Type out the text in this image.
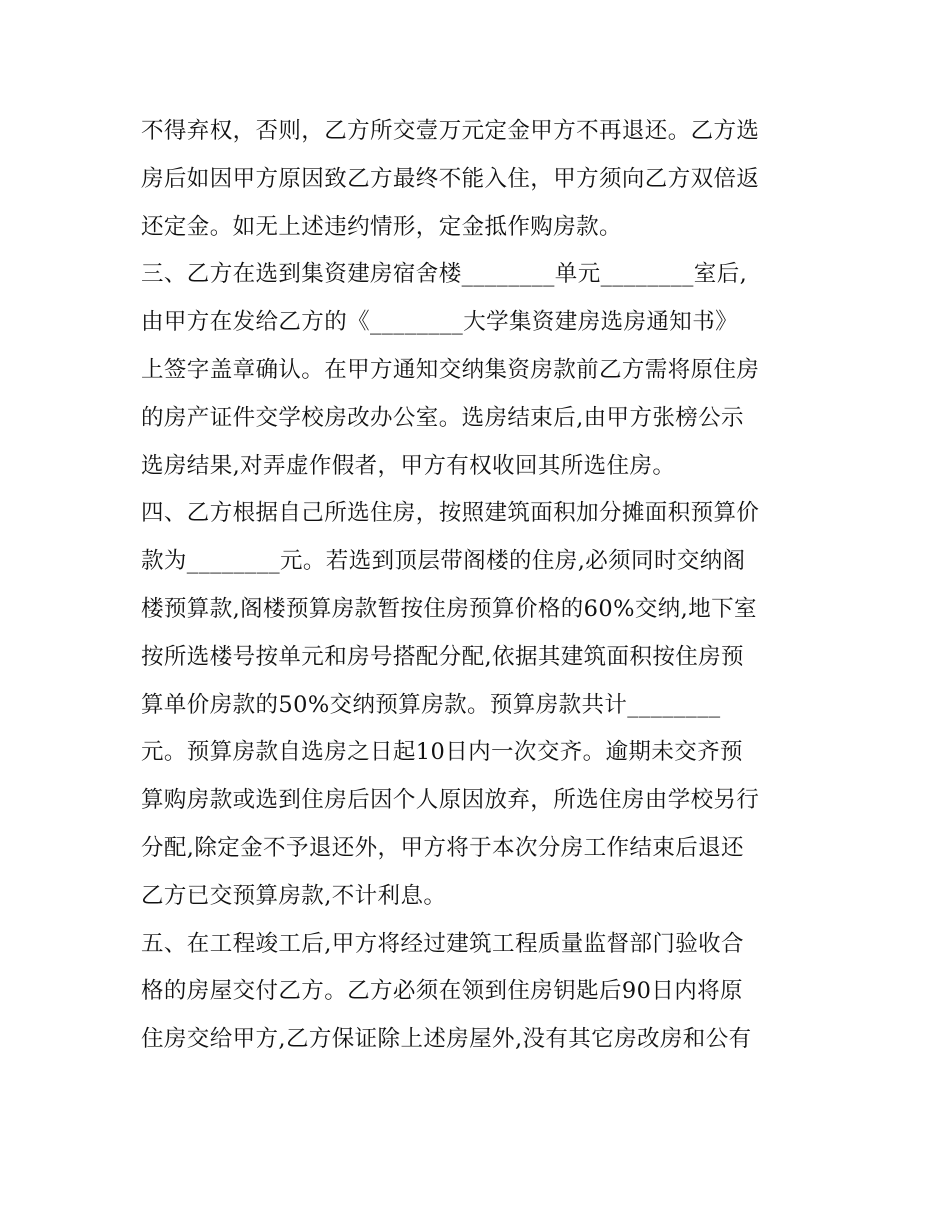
不得弃权，否则，乙方所交壹万元定金甲方不再退还。乙方选
房后如因甲方原因致乙方最终不能入住，甲方须向乙方双倍返
还定金。如无上述违约情形，定金抵作购房款。
三、乙方在选到集资建房宿舍楼________单元________室后,
由甲方在发给乙方的《________大学集资建房选房通知书》
上签字盖章确认。在甲方通知交纳集资房款前乙方需将原住房
的房产证件交学校房改办公室。选房结束后,由甲方张榜公示
选房结果,对弄虚作假者，甲方有权收回其所选住房。
四、乙方根据自己所选住房，按照建筑面积加分摊面积预算价
款为________元。若选到顶层带阁楼的住房,必须同时交纳阁
楼预算款,阁楼预算房款暂按住房预算价格的60%交纳,地下室
按所选楼号按单元和房号搭配分配,依据其建筑面积按住房预
算单价房款的50%交纳预算房款。预算房款共计________
元。预算房款自选房之日起10日内一次交齐。逾期未交齐预
算购房款或选到住房后因个人原因放弃，所选住房由学校另行
分配,除定金不予退还外，甲方将于本次分房工作结束后退还
乙方已交预算房款,不计利息。
五、在工程竣工后,甲方将经过建筑工程质量监督部门验收合
格的房屋交付乙方。乙方必须在领到住房钥匙后90日内将原
住房交给甲方,乙方保证除上述房屋外,没有其它房改房和公有
